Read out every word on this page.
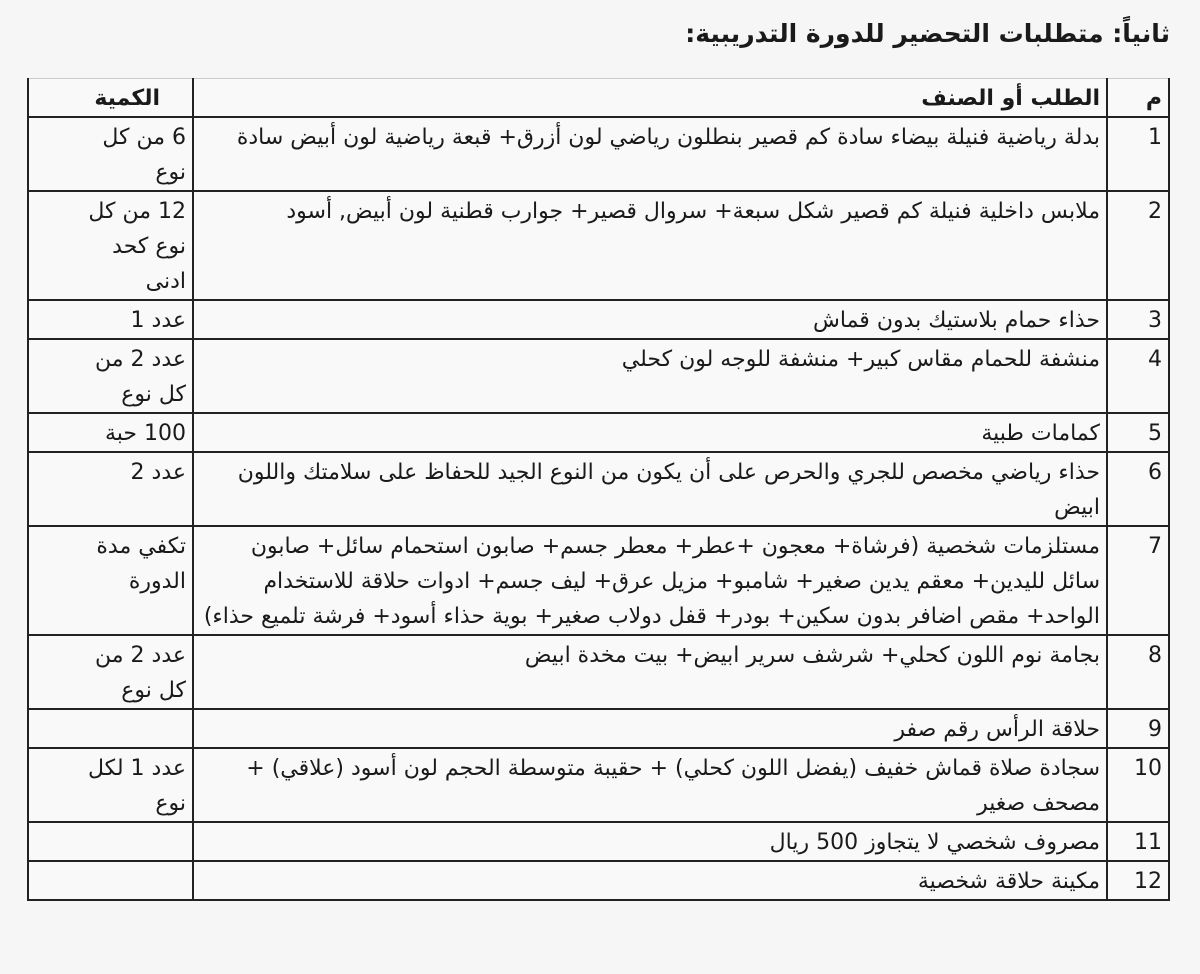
ثانياً: متطلبات التحضير للدورة التدريبية:
م	الطلب أو الصنف	الكمية
1	بدلة رياضية فنيلة بيضاء سادة كم قصير بنطلون رياضي لون أزرق+ قبعة رياضية لون أبيض سادة	6 من كل
نوع
2	ملابس داخلية فنيلة كم قصير شكل سبعة+ سروال قصير+ جوارب قطنية لون أبيض, أسود	12 من كل
نوع كحد
ادنى
3	حذاء حمام بلاستيك بدون قماش	عدد 1
4	منشفة للحمام مقاس كبير+ منشفة للوجه لون كحلي	عدد 2 من
كل نوع
5	كمامات طبية	100 حبة
6	حذاء رياضي مخصص للجري والحرص على أن يكون من النوع الجيد للحفاظ على سلامتك واللون ابيض	عدد 2
7	مستلزمات شخصية (فرشاة+ معجون +عطر+ معطر جسم+ صابون استحمام سائل+ صابون سائل لليدين+ معقم يدين صغير+ شامبو+ مزيل عرق+ ليف جسم+ ادوات حلاقة للاستخدام الواحد+ مقص اضافر بدون سكين+ بودر+ قفل دولاب صغير+ بوية حذاء أسود+ فرشة تلميع حذاء)	تكفي مدة
الدورة
8	بجامة نوم اللون كحلي+ شرشف سرير ابيض+ بيت مخدة ابيض	عدد 2 من
كل نوع
9	حلاقة الرأس رقم صفر	
10	سجادة صلاة قماش خفيف (يفضل اللون كحلي) + حقيبة متوسطة الحجم لون أسود (علاقي) + مصحف صغير	عدد 1 لكل
نوع
11	مصروف شخصي لا يتجاوز 500 ريال	
12	مكينة حلاقة شخصية	
